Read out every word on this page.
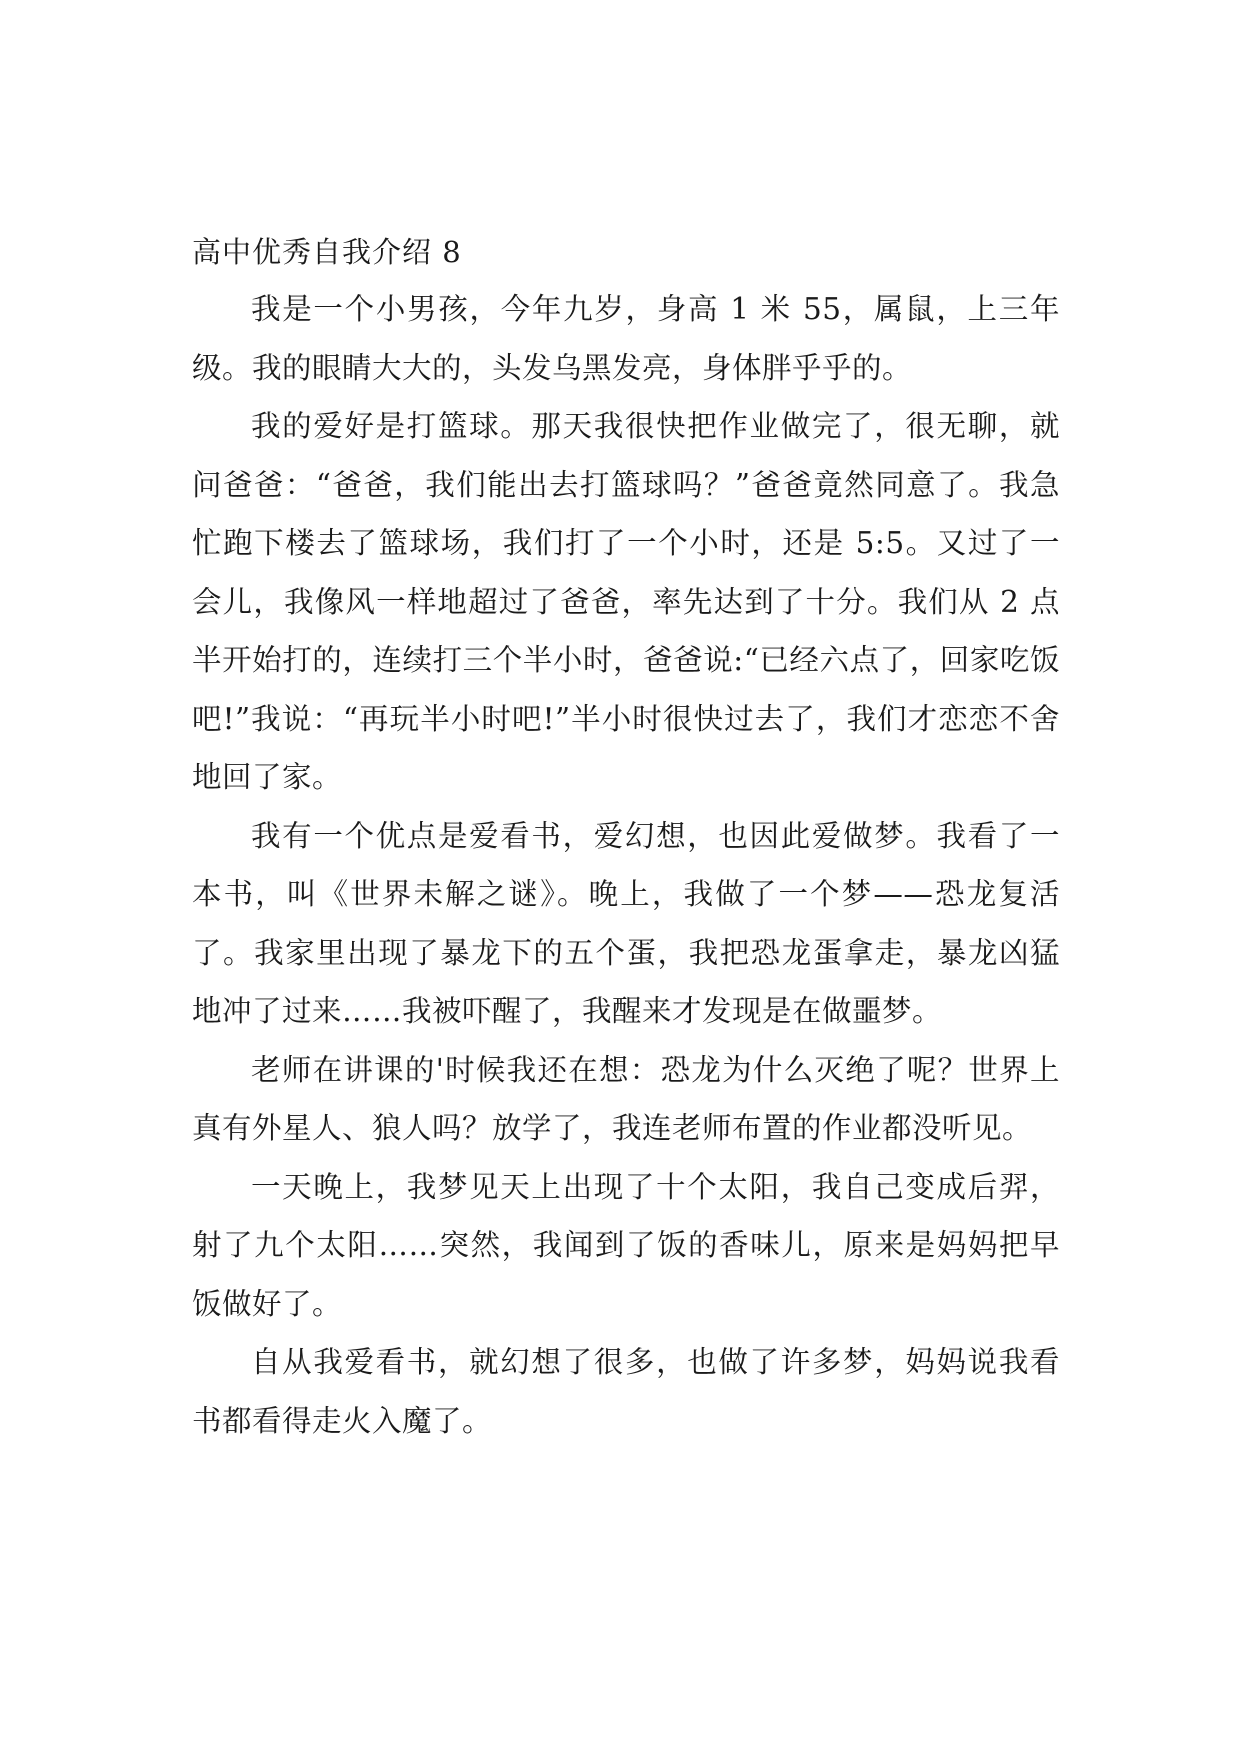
高中优秀自我介绍 8

我是一个小男孩，今年九岁，身高 1 米 55，属鼠，上三年级。我的眼睛大大的，头发乌黑发亮，身体胖乎乎的。

我的爱好是打篮球。那天我很快把作业做完了，很无聊，就问爸爸：“爸爸，我们能出去打篮球吗？”爸爸竟然同意了。我急忙跑下楼去了篮球场，我们打了一个小时，还是 5:5。又过了一会儿，我像风一样地超过了爸爸，率先达到了十分。我们从 2 点半开始打的，连续打三个半小时，爸爸说:“已经六点了，回家吃饭吧!”我说：“再玩半小时吧!”半小时很快过去了，我们才恋恋不舍地回了家。

我有一个优点是爱看书，爱幻想，也因此爱做梦。我看了一本书，叫《世界未解之谜》。晚上，我做了一个梦——恐龙复活了。我家里出现了暴龙下的五个蛋，我把恐龙蛋拿走，暴龙凶猛地冲了过来……我被吓醒了，我醒来才发现是在做噩梦。

老师在讲课的'时候我还在想：恐龙为什么灭绝了呢？世界上真有外星人、狼人吗？放学了，我连老师布置的作业都没听见。

一天晚上，我梦见天上出现了十个太阳，我自己变成后羿，射了九个太阳……突然，我闻到了饭的香味儿，原来是妈妈把早饭做好了。

自从我爱看书，就幻想了很多，也做了许多梦，妈妈说我看书都看得走火入魔了。
